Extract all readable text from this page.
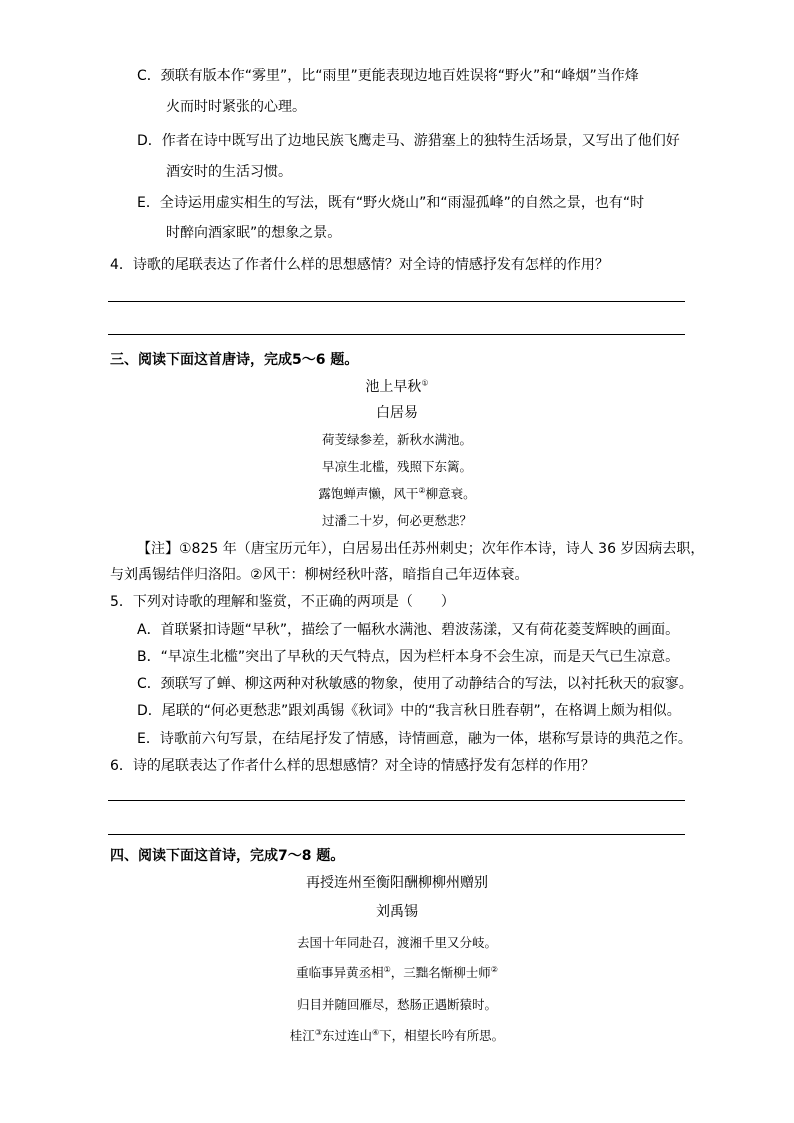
C．颈联有版本作“雾里”，比“雨里”更能表现边地百姓误将“野火”和“峰烟”当作烽
火而时时紧张的心理。
D．作者在诗中既写出了边地民族飞鹰走马、游猎塞上的独特生活场景，又写出了他们好
酒安时的生活习惯。
E．全诗运用虚实相生的写法，既有“野火烧山”和“雨湿孤峰”的自然之景，也有“时
时醉向酒家眠”的想象之景。
4．诗歌的尾联表达了作者什么样的思想感情？对全诗的情感抒发有怎样的作用？
三、阅读下面这首唐诗，完成5～6 题。
池上早秋①
白居易
荷芰绿参差，新秋水满池。
早凉生北槛，残照下东篱。
露饱蝉声懒，风干②柳意衰。
过潘二十岁，何必更愁悲？
【注】①825 年（唐宝历元年），白居易出任苏州刺史；次年作本诗，诗人 36 岁因病去职，
与刘禹锡结伴归洛阳。②风干：柳树经秋叶落，暗指自己年迈体衰。
5．下列对诗歌的理解和鉴赏，不正确的两项是（　　）
A．首联紧扣诗题“早秋”，描绘了一幅秋水满池、碧波荡漾，又有荷花菱芰辉映的画面。
B．“早凉生北槛”突出了早秋的天气特点，因为栏杆本身不会生凉，而是天气已生凉意。
C．颈联写了蝉、柳这两种对秋敏感的物象，使用了动静结合的写法，以衬托秋天的寂寥。
D．尾联的“何必更愁悲”跟刘禹锡《秋词》中的“我言秋日胜春朝”，在格调上颇为相似。
E．诗歌前六句写景，在结尾抒发了情感，诗情画意，融为一体，堪称写景诗的典范之作。
6．诗的尾联表达了作者什么样的思想感情？对全诗的情感抒发有怎样的作用？
四、阅读下面这首诗，完成7～8 题。
再授连州至衡阳酬柳柳州赠别
刘禹锡
去国十年同赴召，渡湘千里又分岐。
重临事异黄丞相①，三黜名惭柳士师②
归目并随回雁尽，愁肠正遇断猿时。
桂江③东过连山④下，相望长吟有所思。
